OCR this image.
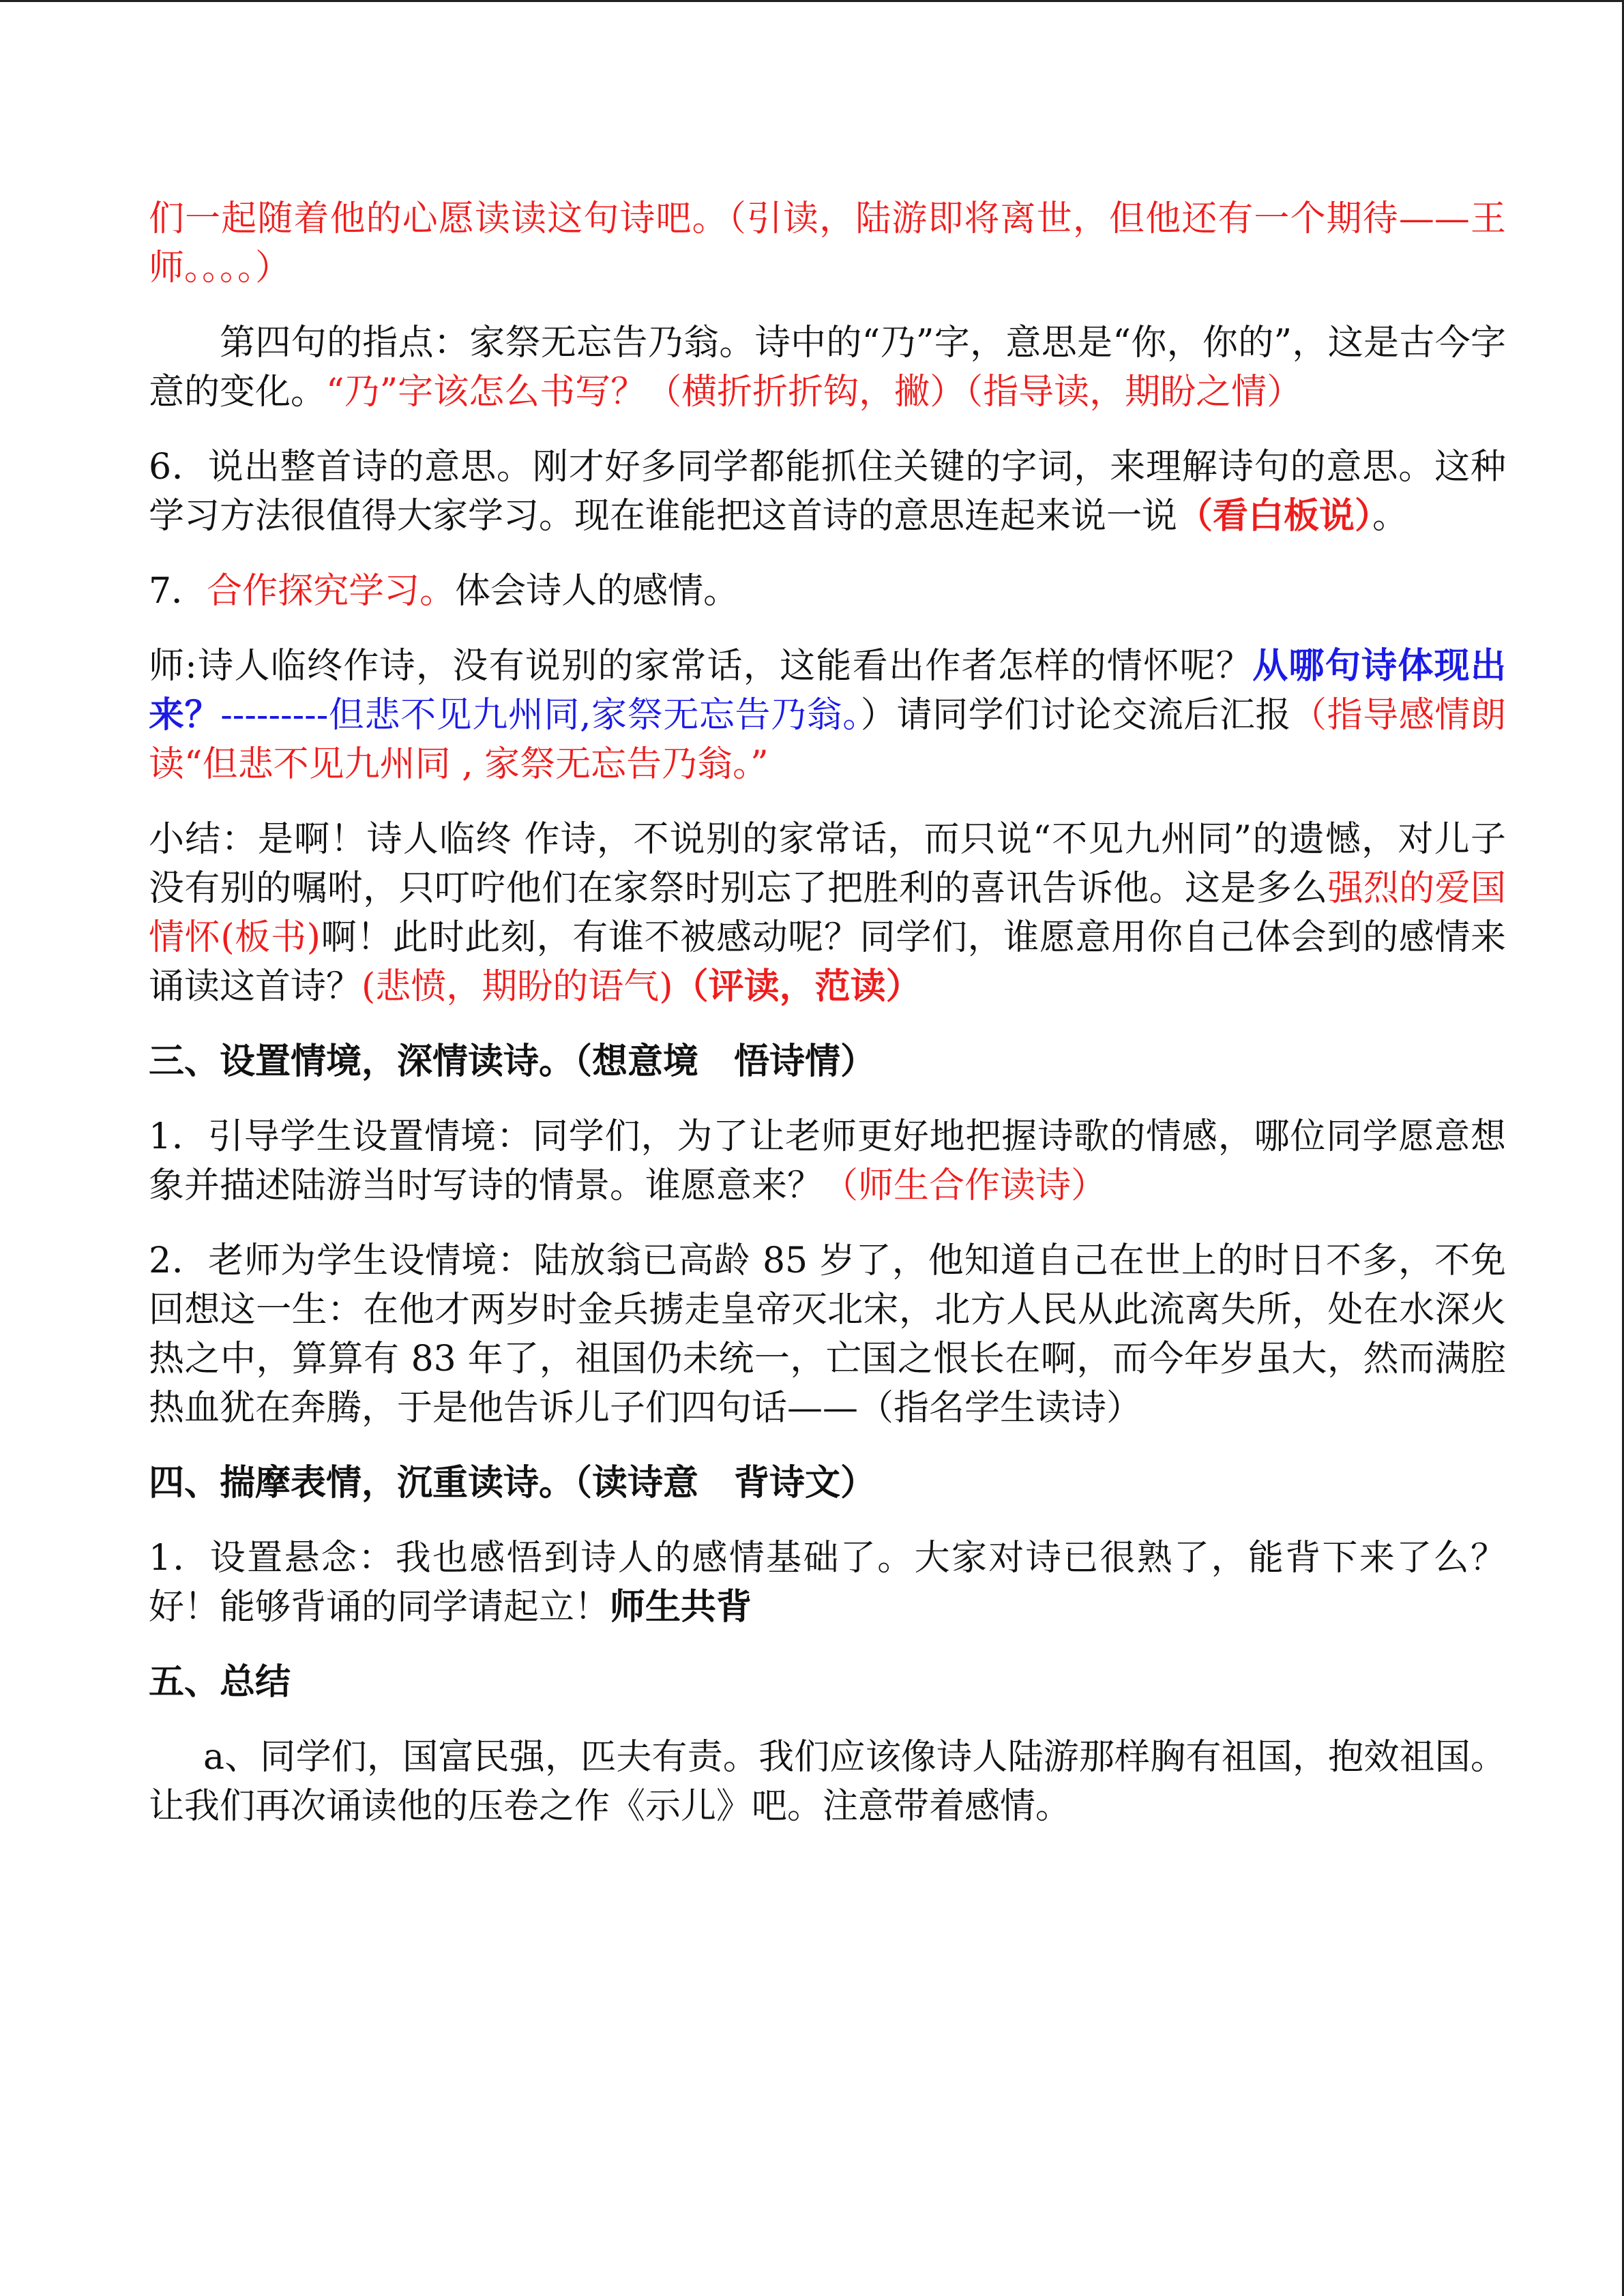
们一起随着他的心愿读读这句诗吧。（引读，陆游即将离世，但他还有一个期待——王师。。。。）

第四句的指点：家祭无忘告乃翁。诗中的“乃”字，意思是“你，你的”，这是古今字意的变化。“乃”字该怎么书写？（横折折折钩，撇）（指导读，期盼之情）

6．说出整首诗的意思。刚才好多同学都能抓住关键的字词，来理解诗句的意思。这种学习方法很值得大家学习。现在谁能把这首诗的意思连起来说一说（看白板说）。

7．合作探究学习。体会诗人的感情。

师:诗人临终作诗，没有说别的家常话，这能看出作者怎样的情怀呢？从哪句诗体现出来？---------但悲不见九州同,家祭无忘告乃翁。）请同学们讨论交流后汇报（指导感情朗读“但悲不见九州同 , 家祭无忘告乃翁。”

小结：是啊！诗人临终 作诗，不说别的家常话，而只说“不见九州同”的遗憾，对儿子没有别的嘱咐，只叮咛他们在家祭时别忘了把胜利的喜讯告诉他。这是多么强烈的爱国情怀(板书)啊！此时此刻，有谁不被感动呢？同学们，谁愿意用你自己体会到的感情来诵读这首诗？(悲愤，期盼的语气)（评读，范读）

三、设置情境，深情读诗。（想意境　悟诗情）

1．引导学生设置情境：同学们，为了让老师更好地把握诗歌的情感，哪位同学愿意想象并描述陆游当时写诗的情景。谁愿意来？（师生合作读诗）

2．老师为学生设情境：陆放翁已高龄 85 岁了，他知道自己在世上的时日不多，不免回想这一生：在他才两岁时金兵掳走皇帝灭北宋，北方人民从此流离失所，处在水深火热之中，算算有 83 年了，祖国仍未统一，亡国之恨长在啊，而今年岁虽大，然而满腔热血犹在奔腾，于是他告诉儿子们四句话——（指名学生读诗）

四、揣摩表情，沉重读诗。（读诗意　背诗文）

1．设置悬念：我也感悟到诗人的感情基础了。大家对诗已很熟了，能背下来了么？好！能够背诵的同学请起立！师生共背

五、总结

a、同学们，国富民强，匹夫有责。我们应该像诗人陆游那样胸有祖国，抱效祖国。让我们再次诵读他的压卷之作《示儿》吧。注意带着感情。
